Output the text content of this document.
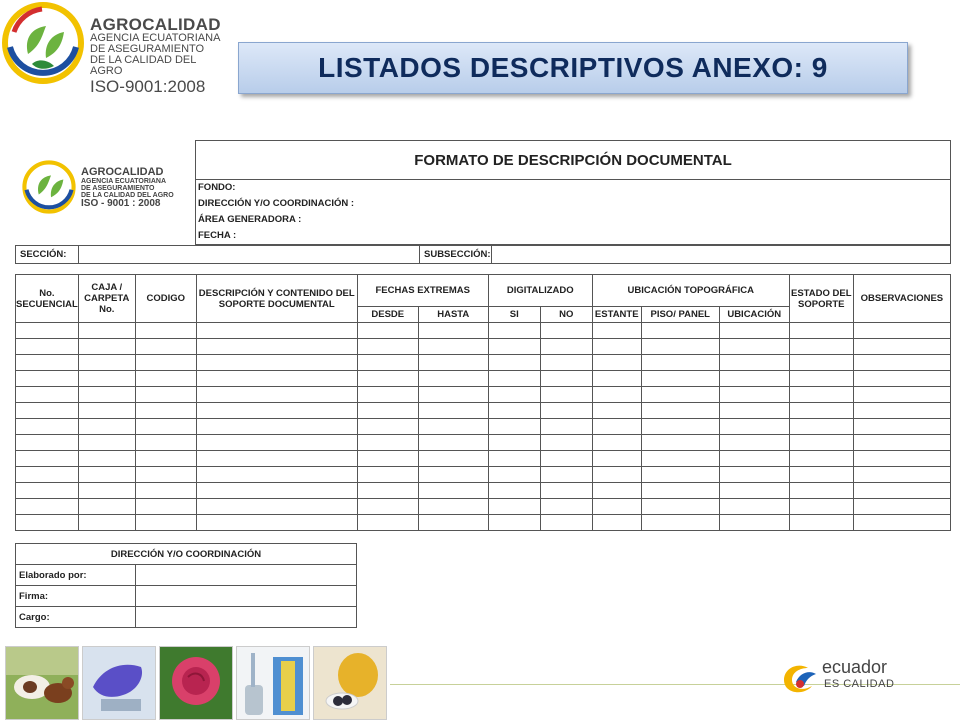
AGROCALIDAD
AGENCIA ECUATORIANA
DE ASEGURAMIENTO
DE LA CALIDAD DEL AGRO
ISO-9001:2008
LISTADOS DESCRIPTIVOS ANEXO: 9
AGROCALIDAD
AGENCIA ECUATORIANA
DE ASEGURAMIENTO
DE LA CALIDAD DEL AGRO
ISO - 9001 : 2008
	FORMATO DE DESCRIPCIÓN DOCUMENTAL

FONDO:
DIRECCIÓN Y/O COORDINACIÓN :
ÁREA GENERADORA :
FECHA :
SECCIÓN:		SUBSECCIÓN:	
No. SECUENCIAL	CAJA / CARPETA No.	CODIGO	DESCRIPCIÓN Y CONTENIDO DEL SOPORTE DOCUMENTAL	FECHAS EXTREMAS		DIGITALIZADO		UBICACIÓN TOPOGRÁFICA			ESTADO DEL SOPORTE	OBSERVACIONES
				DESDE	HASTA	SI	NO	ESTANTE	PISO/ PANEL	UBICACIÓN		

DIRECCIÓN Y/O COORDINACIÓN	
Elaborado por:	
Firma:	
Cargo:	
ecuador
ES CALIDAD
